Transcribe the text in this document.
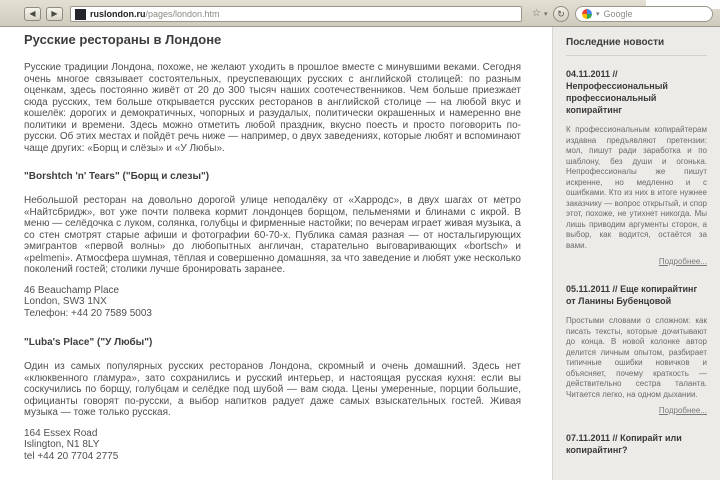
◀ ▶	ruslondon.ru/pages/london.htm	☆ ▾ ↻	▾ Google
Русские рестораны в Лондоне

Русские традиции Лондона, похоже, не желают уходить в прошлое вместе с минувшими веками. Сегодня очень многое связывает состоятельных, преуспевающих русских с английской столицей: по разным оценкам, здесь постоянно живёт от 20 до 300 тысяч наших соотечественников. Чем больше приезжает сюда русских, тем больше открывается русских ресторанов в английской столице — на любой вкус и кошелёк: дорогих и демократичных, чопорных и разудалых, политически окрашенных и намеренно вне политики и времени. Здесь можно отметить любой праздник, вкусно поесть и просто поговорить по-русски. Об этих местах и пойдёт речь ниже — например, о двух заведениях, которые любят и вспоминают чаще других: «Борщ и слёзы» и «У Любы».

"Borshtch 'n' Tears" ("Борщ и слезы")

Небольшой ресторан на довольно дорогой улице неподалёку от «Харродс», в двух шагах от метро «Найтсбридж», вот уже почти полвека кормит лондонцев борщом, пельменями и блинами с икрой. В меню — селёдочка с луком, солянка, голубцы и фирменные настойки; по вечерам играет живая музыка, а со стен смотрят старые афиши и фотографии 60-70-х. Публика самая разная — от ностальгирующих эмигрантов «первой волны» до любопытных англичан, старательно выговаривающих «bortsch» и «pelmeni». Атмосфера шумная, тёплая и совершенно домашняя, за что заведение и любят уже несколько поколений гостей; столики лучше бронировать заранее.

46 Beauchamp Place
London, SW3 1NX
Телефон: +44 20 7589 5003
"Luba's Place" ("У Любы")

Один из самых популярных русских ресторанов Лондона, скромный и очень домашний. Здесь нет «клюквенного гламура», зато сохранились и русский интерьер, и настоящая русская кухня: если вы соскучились по борщу, голубцам и селёдке под шубой — вам сюда. Цены умеренные, порции большие, официанты говорят по-русски, а выбор напитков радует даже самых взыскательных гостей. Живая музыка — тоже только русская.

164 Essex Road
Islington, N1 8LY
tel +44 20 7704 2775
Последние новости
04.11.2011 // Непрофессиональный профессиональный копирайтинг
К профессиональным копирайтерам издавна предъявляют претензии: мол, пишут ради заработка и по шаблону, без души и огонька. Непрофессионалы же пишут искренне, но медленно и с ошибками. Кто из них в итоге нужнее заказчику — вопрос открытый, и спор этот, похоже, не утихнет никогда. Мы лишь приводим аргументы сторон, а выбор, как водится, остаётся за вами.
Подробнее...
05.11.2011 // Еще копирайтинг от Ланины Бубенцовой
Простыми словами о сложном: как писать тексты, которые дочитывают до конца. В новой колонке автор делится личным опытом, разбирает типичные ошибки новичков и объясняет, почему краткость — действительно сестра таланта. Читается легко, на одном дыхании.
Подробнее...
07.11.2011 // Копирайт или копирайтинг?
